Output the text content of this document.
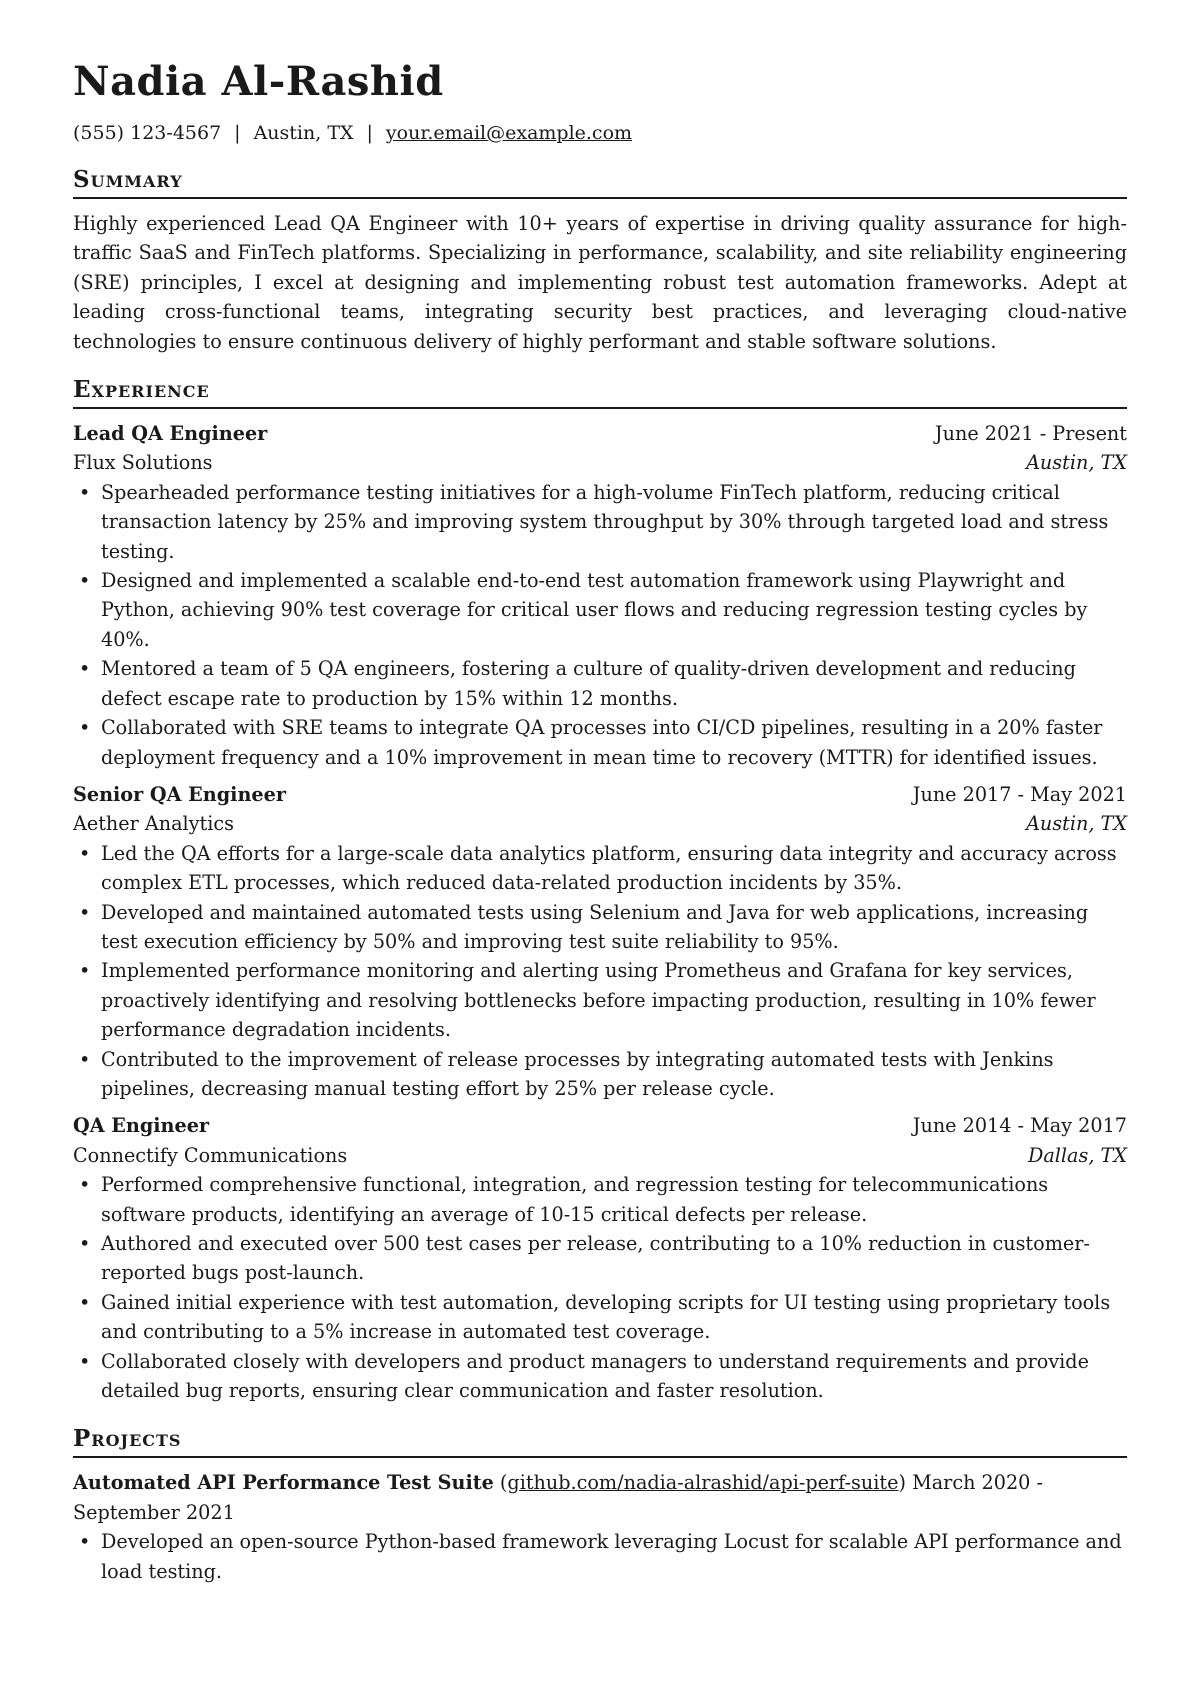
Nadia Al-Rashid
(555) 123-4567 | Austin, TX | your.email@example.com
Summary
Highly experienced Lead QA Engineer with 10+ years of expertise in driving quality assurance for high-traffic SaaS and FinTech platforms. Specializing in performance, scalability, and site reliability engineering (SRE) principles, I excel at designing and implementing robust test automation frameworks. Adept at leading cross-functional teams, integrating security best practices, and leveraging cloud-native technologies to ensure continuous delivery of highly performant and stable software solutions.
Experience
Lead QA Engineer	June 2021 - Present
Flux Solutions	Austin, TX
• Spearheaded performance testing initiatives for a high-volume FinTech platform, reducing critical transaction latency by 25% and improving system throughput by 30% through targeted load and stress testing.
• Designed and implemented a scalable end-to-end test automation framework using Playwright and Python, achieving 90% test coverage for critical user flows and reducing regression testing cycles by 40%.
• Mentored a team of 5 QA engineers, fostering a culture of quality-driven development and reducing defect escape rate to production by 15% within 12 months.
• Collaborated with SRE teams to integrate QA processes into CI/CD pipelines, resulting in a 20% faster deployment frequency and a 10% improvement in mean time to recovery (MTTR) for identified issues.
Senior QA Engineer	June 2017 - May 2021
Aether Analytics	Austin, TX
• Led the QA efforts for a large-scale data analytics platform, ensuring data integrity and accuracy across complex ETL processes, which reduced data-related production incidents by 35%.
• Developed and maintained automated tests using Selenium and Java for web applications, increasing test execution efficiency by 50% and improving test suite reliability to 95%.
• Implemented performance monitoring and alerting using Prometheus and Grafana for key services, proactively identifying and resolving bottlenecks before impacting production, resulting in 10% fewer performance degradation incidents.
• Contributed to the improvement of release processes by integrating automated tests with Jenkins pipelines, decreasing manual testing effort by 25% per release cycle.
QA Engineer	June 2014 - May 2017
Connectify Communications	Dallas, TX
• Performed comprehensive functional, integration, and regression testing for telecommunications software products, identifying an average of 10-15 critical defects per release.
• Authored and executed over 500 test cases per release, contributing to a 10% reduction in customer-reported bugs post-launch.
• Gained initial experience with test automation, developing scripts for UI testing using proprietary tools and contributing to a 5% increase in automated test coverage.
• Collaborated closely with developers and product managers to understand requirements and provide detailed bug reports, ensuring clear communication and faster resolution.
Projects
Automated API Performance Test Suite (github.com/nadia-alrashid/api-perf-suite) March 2020 - September 2021
• Developed an open-source Python-based framework leveraging Locust for scalable API performance and load testing.
